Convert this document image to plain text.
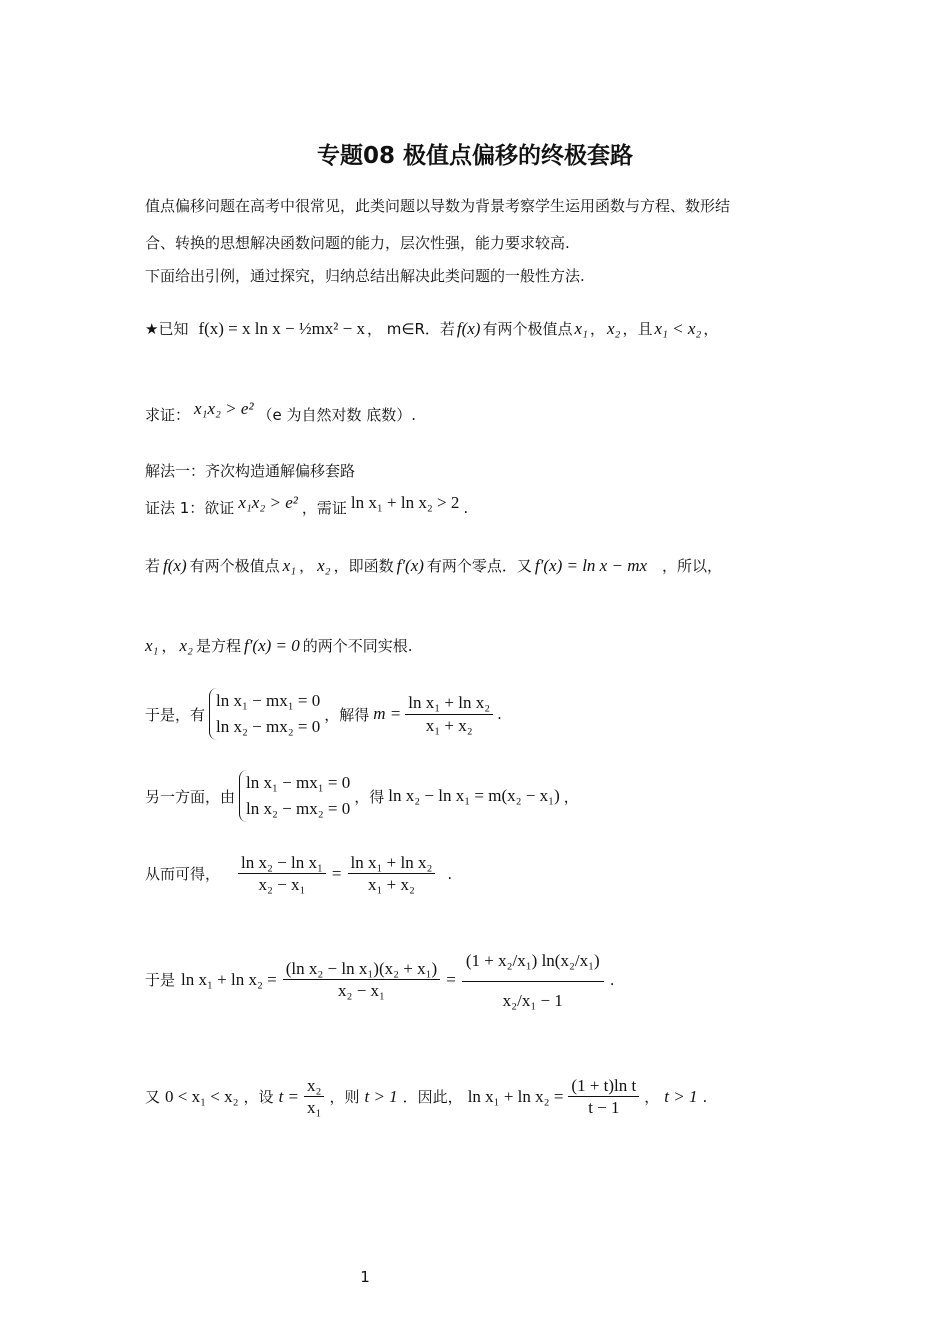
专题08 极值点偏移的终极套路
值点偏移问题在高考中很常见，此类问题以导数为背景考察学生运用函数与方程、数形结
合、转换的思想解决函数问题的能力，层次性强，能力要求较高.
下面给出引例，通过探究，归纳总结出解决此类问题的一般性方法.
★已知 f(x) = x ln x − ½mx² − x ， m∈R．若 f(x) 有两个极值点 x₁ ， x₂ ，且 x₁ < x₂ ，
求证： x₁x₂ > e² （e 为自然对数 底数）.
解法一：齐次构造通解偏移套路
证法 1：欲证 x₁x₂ > e² ，需证 ln x₁ + ln x₂ > 2 .
若 f(x) 有两个极值点 x₁ ， x₂ ，即函数 f′(x) 有两个零点．又 f′(x) = ln x − mx ，所以，
x₁ ， x₂ 是方程 f′(x) = 0 的两个不同实根.
于是，有
ln x₁ − mx₁ = 0
ln x₂ − mx₂ = 0
，解得 $m = \frac{\text{ln x₁ + ln x₂}}{\text{x₁ + x₂}}$ .
另一方面，由
ln x₁ − mx₁ = 0
ln x₂ − mx₂ = 0
，得 ln x₂ − ln x₁ = m(x₂ − x₁) ，
从而可得， $\frac{\text{ln x₂ − ln x₁}}{\text{x₂ − x₁}} = \frac{\text{ln x₁ + ln x₂}}{\text{x₁ + x₂}}$ .
于是 $\ln x_1 + \ln x_2 = \frac{\text{(ln x₂ − ln x₁)(x₂ + x₁)}}{\text{x₂ − x₁}} = \frac{\text{(1 + x₂/x₁) ln(x₂/x₁)}}{\text{x₂/x₁ − 1}}$ .
又 0 < x₁ < x₂ ，设 $t = \frac{\text{x₂}}{\text{x₁}}$ ，则 t > 1 ．因此， $\ln x_1 + \ln x_2 = \frac{\text{(1 + t)ln t}}{t - 1}$ ， t > 1 .
1
